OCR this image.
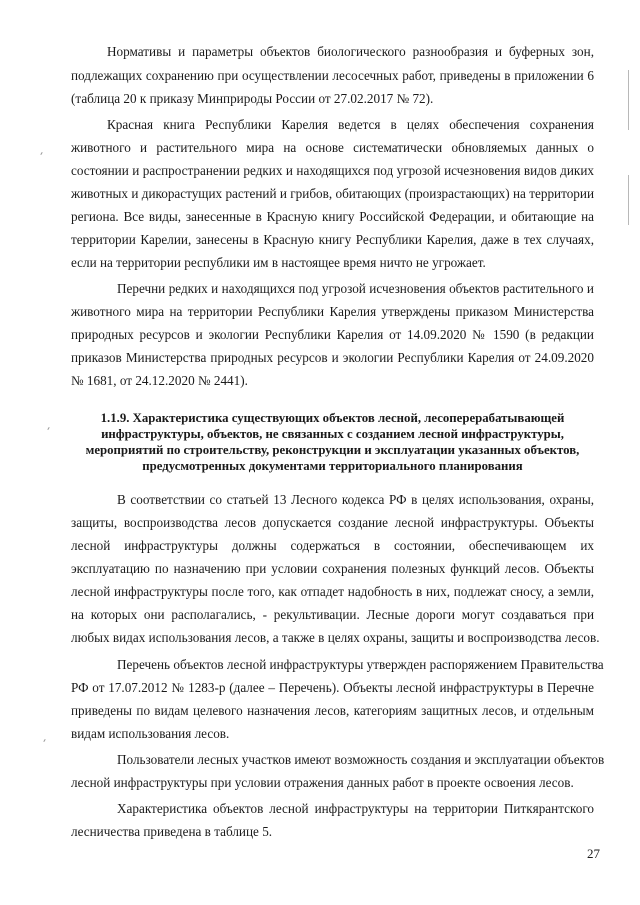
Нормативы и параметры объектов биологического разнообразия и буферных зон,
подлежащих сохранению при осуществлении лесосечных работ, приведены в приложении 6
(таблица 20 к приказу Минприроды России от 27.02.2017 № 72).
Красная книга Республики Карелия ведется в целях обеспечения сохранения
животного и растительного мира на основе систематически обновляемых данных о
состоянии и распространении редких и находящихся под угрозой исчезновения видов диких
животных и дикорастущих растений и грибов, обитающих (произрастающих) на территории
региона. Все виды, занесенные в Красную книгу Российской Федерации, и обитающие на
территории Карелии, занесены в Красную книгу Республики Карелия, даже в тех случаях,
если на территории республики им в настоящее время ничто не угрожает.
Перечни редких и находящихся под угрозой исчезновения объектов растительного и
животного мира на территории Республики Карелия утверждены приказом Министерства
природных ресурсов и экологии Республики Карелия от 14.09.2020 № 1590 (в редакции
приказов Министерства природных ресурсов и экологии Республики Карелия от 24.09.2020
№ 1681, от 24.12.2020 № 2441).
1.1.9. Характеристика существующих объектов лесной, лесоперерабатывающей
инфраструктуры, объектов, не связанных с созданием лесной инфраструктуры,
мероприятий по строительству, реконструкции и эксплуатации указанных объектов,
предусмотренных документами территориального планирования
В соответствии со статьей 13 Лесного кодекса РФ в целях использования, охраны,
защиты, воспроизводства лесов допускается создание лесной инфраструктуры. Объекты
лесной инфраструктуры должны содержаться в состоянии, обеспечивающем их
эксплуатацию по назначению при условии сохранения полезных функций лесов. Объекты
лесной инфраструктуры после того, как отпадет надобность в них, подлежат сносу, а земли,
на которых они располагались, - рекультивации. Лесные дороги могут создаваться при
любых видах использования лесов, а также в целях охраны, защиты и воспроизводства лесов.
Перечень объектов лесной инфраструктуры утвержден распоряжением Правительства
РФ от 17.07.2012 № 1283-р (далее – Перечень). Объекты лесной инфраструктуры в Перечне
приведены по видам целевого назначения лесов, категориям защитных лесов, и отдельным
видам использования лесов.
Пользователи лесных участков имеют возможность создания и эксплуатации объектов
лесной инфраструктуры при условии отражения данных работ в проекте освоения лесов.
Характеристика объектов лесной инфраструктуры на территории Питкярантского
лесничества приведена в таблице 5.
27
